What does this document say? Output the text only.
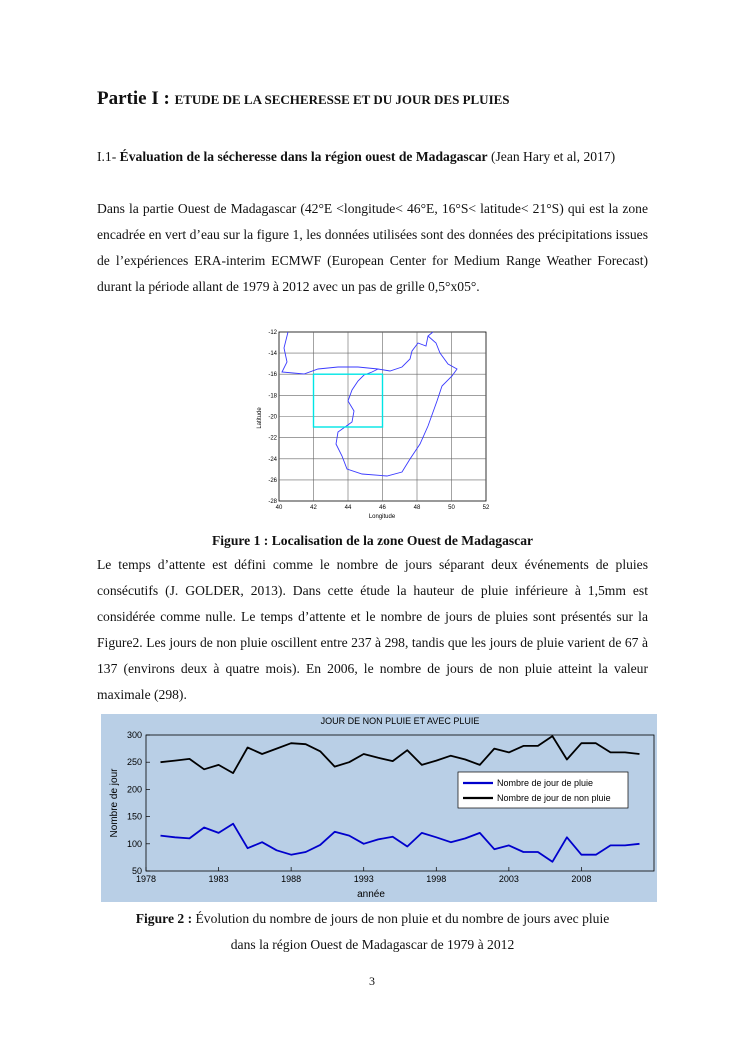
Partie I : ETUDE DE LA SECHERESSE ET DU JOUR DES PLUIES
I.1- Évaluation de la sécheresse dans la région ouest de Madagascar (Jean Hary et al, 2017)
Dans la partie Ouest de Madagascar (42°E <longitude< 46°E, 16°S< latitude< 21°S) qui est la zone encadrée en vert d’eau sur la figure 1, les données utilisées sont des données des précipitations issues de l’expériences ERA-interim ECMWF (European Center for Medium Range Weather Forecast) durant la période allant de 1979 à 2012 avec un pas de grille 0,5°x05°.
40	42	44	46	48	50	52
-12
-14
-16
-18
-20
-22
-24
-26
-28
Longitude
Latitude
Figure 1 : Localisation de la zone Ouest de Madagascar
Le temps d’attente est défini comme le nombre de jours séparant deux événements de pluies consécutifs (J. GOLDER, 2013). Dans cette étude la hauteur de pluie inférieure à 1,5mm est considérée comme nulle. Le temps d’attente et le nombre de jours de pluies sont présentés sur la Figure2. Les jours de non pluie oscillent entre 237 à 298, tandis que les jours de pluie varient de 67 à 137 (environs deux à quatre mois). En 2006, le nombre de jours de non pluie atteint la valeur maximale (298).
JOUR DE NON PLUIE ET AVEC PLUIE
50
100
150
200
250
300
1978	1983	1988	1993	1998	2003	2008
année
Nombre de jour	Nombre de jour de pluie
Nombre de jour de non pluie
Figure 2 : Évolution du nombre de jours de non pluie et du nombre de jours avec pluie
dans la région Ouest de Madagascar de 1979 à 2012
3
